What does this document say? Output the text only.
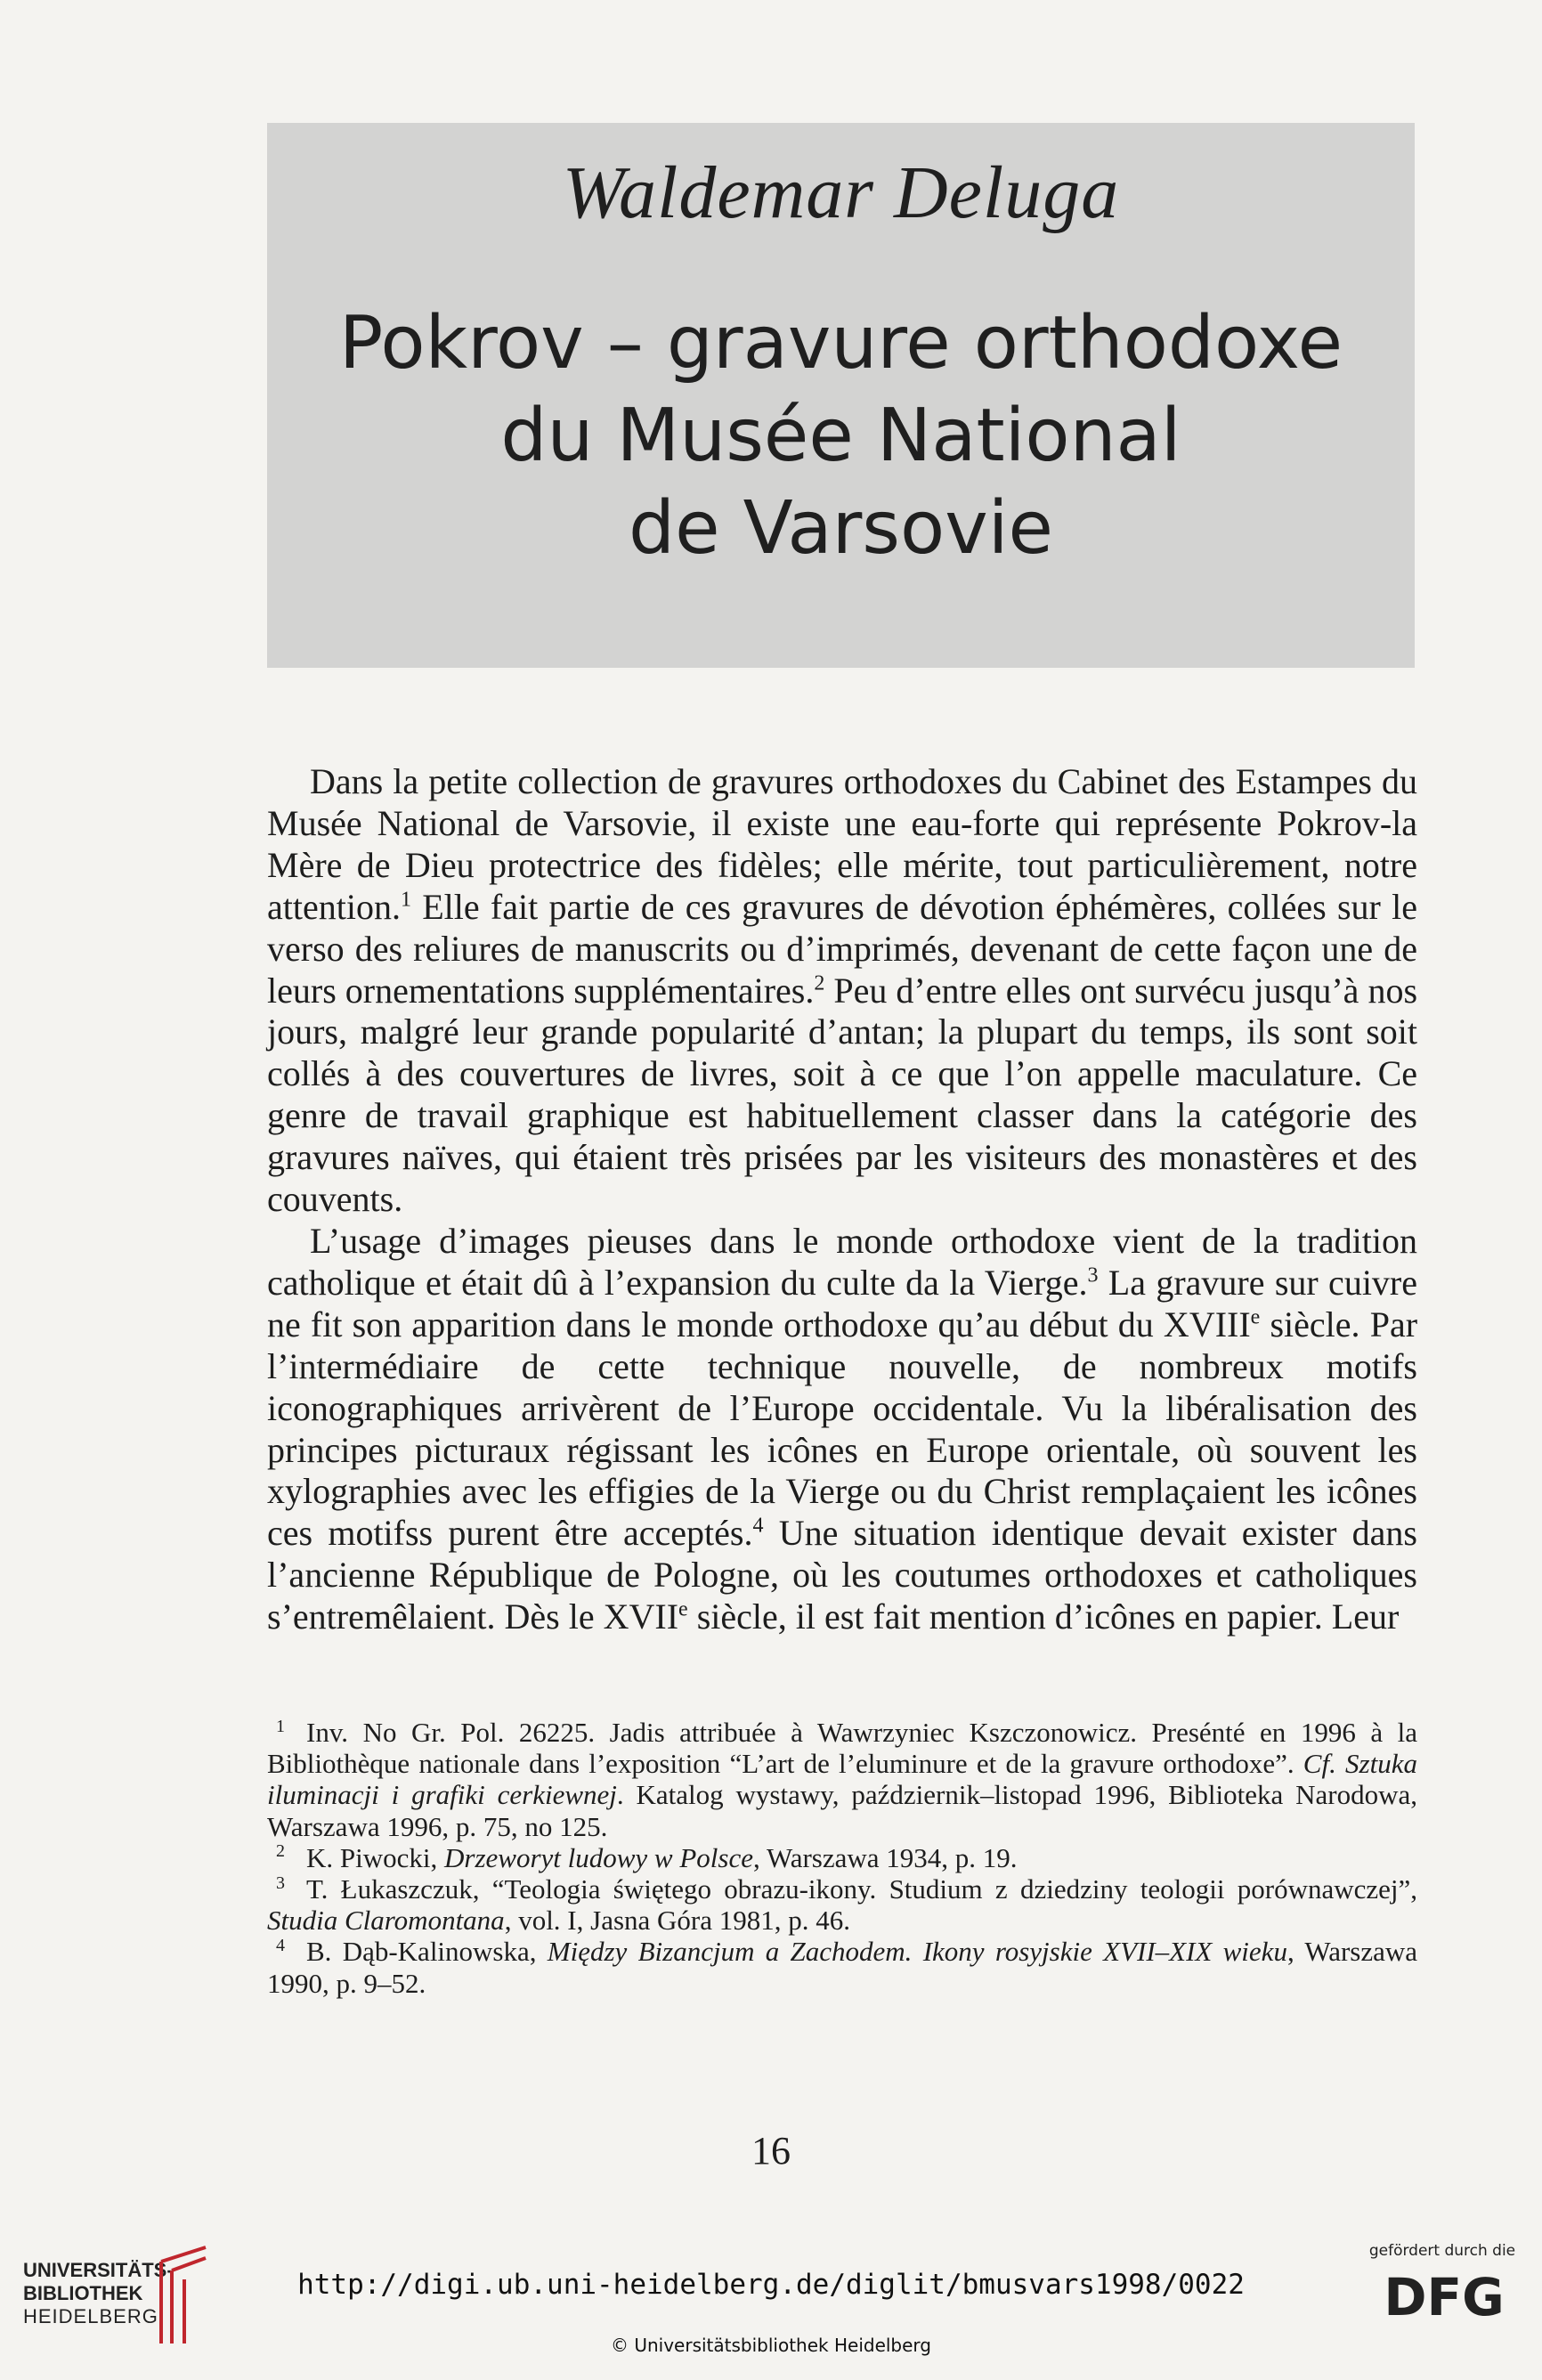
Waldemar Deluga
Pokrov – gravure orthodoxe
du Musée National
de Varsovie

Dans la petite collection de gravures orthodoxes du Cabinet des Estampes du Musée National de Varsovie, il existe une eau-forte qui représente Pokrov-la Mère de Dieu protectrice des fidèles; elle mérite, tout particulièrement, notre attention.$^1$ Elle fait partie de ces gravures de dévotion éphémères, collées sur le verso des reliures de manuscrits ou d’imprimés, devenant de cette façon une de leurs ornementations supplémentaires.$^2$ Peu d’entre elles ont survécu jusqu’à nos jours, malgré leur grande popularité d’antan; la plupart du temps, ils sont soit collés à des couvertures de livres, soit à ce que l’on appelle maculature. Ce genre de travail graphique est habituellement classer dans la catégorie des gravures naïves, qui étaient très prisées par les visiteurs des monastères et des couvents.

L’usage d’images pieuses dans le monde orthodoxe vient de la tradition catholique et était dû à l’expansion du culte da la Vierge.$^3$ La gravure sur cuivre ne fit son apparition dans le monde orthodoxe qu’au début du XVIIIe siècle. Par l’intermédiaire de cette technique nouvelle, de nombreux motifs iconographiques arrivèrent de l’Europe occidentale. Vu la libéralisation des principes picturaux régissant les icônes en Europe orientale, où souvent les xylographies avec les effigies de la Vierge ou du Christ remplaçaient les icônes ces motifss purent être acceptés.$^4$ Une situation identique devait exister dans l’ancienne République de Pologne, où les coutumes orthodoxes et catholiques s’entremêlaient. Dès le XVIIe siècle, il est fait mention d’icônes en papier. Leur

1 Inv. No Gr. Pol. 26225. Jadis attribuée à Wawrzyniec Kszczonowicz. Presénté en 1996 à la Bibliothèque nationale dans l’exposition “L’art de l’eluminure et de la gravure orthodoxe”. Cf. Sztuka iluminacji i grafiki cerkiewnej. Katalog wystawy, październik–listopad 1996, Biblioteka Narodowa, Warszawa 1996, p. 75, no 125.

2 K. Piwocki, Drzeworyt ludowy w Polsce, Warszawa 1934, p. 19.

3 T. Łukaszczuk, “Teologia świętego obrazu-ikony. Studium z dziedziny teologii porównawczej”, Studia Claromontana, vol. I, Jasna Góra 1981, p. 46.

4 B. Dąb-Kalinowska, Między Bizancjum a Zachodem. Ikony rosyjskie XVII–XIX wieku, Warszawa 1990, p. 9–52.

16
UNIVERSITÄTS-
BIBLIOTHEK
HEIDELBERG
http://digi.ub.uni-heidelberg.de/diglit/bmusvars1998/0022
© Universitätsbibliothek Heidelberg
gefördert durch die
DFG
